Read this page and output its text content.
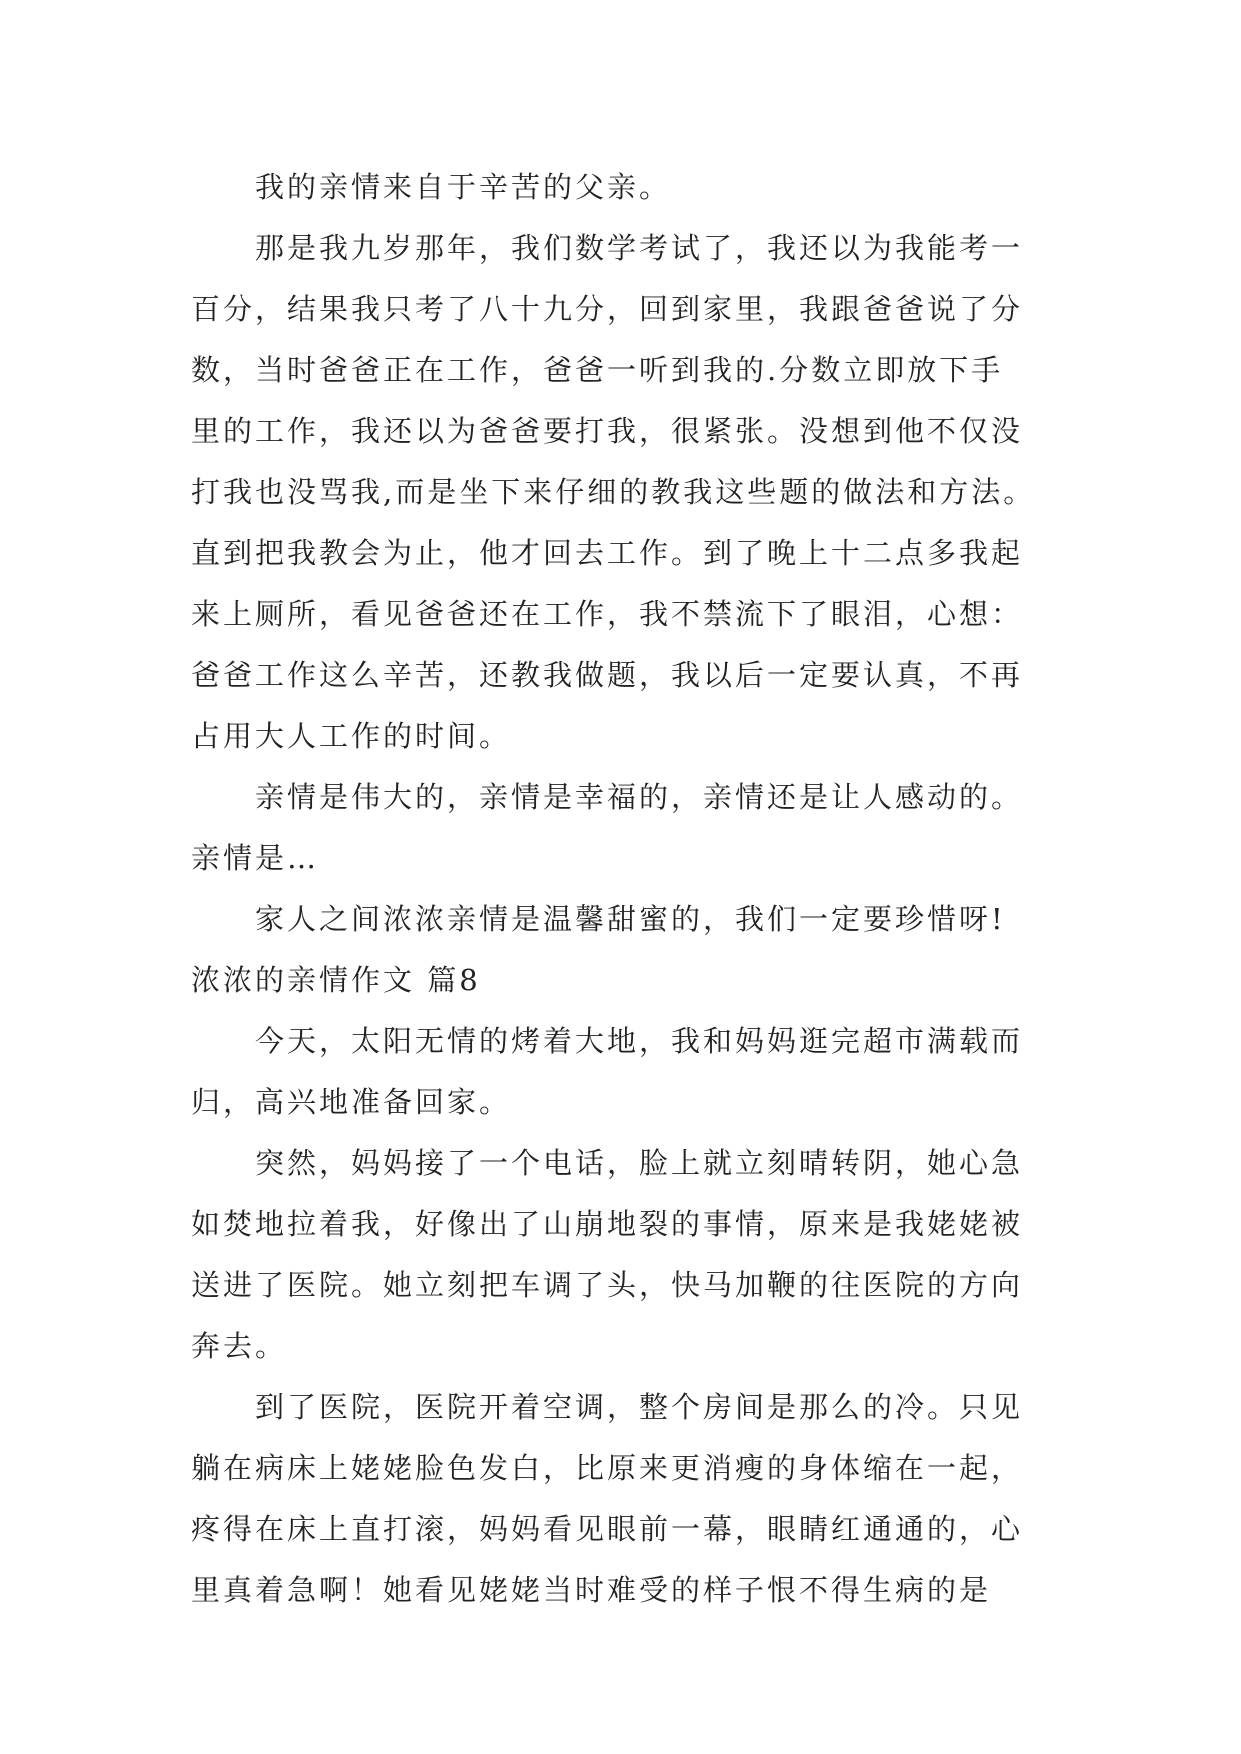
我的亲情来自于辛苦的父亲。
那是我九岁那年，我们数学考试了，我还以为我能考一
百分，结果我只考了八十九分，回到家里，我跟爸爸说了分
数，当时爸爸正在工作，爸爸一听到我的.分数立即放下手
里的工作，我还以为爸爸要打我，很紧张。没想到他不仅没
打我也没骂我,而是坐下来仔细的教我这些题的做法和方法。
直到把我教会为止，他才回去工作。到了晚上十二点多我起
来上厕所，看见爸爸还在工作，我不禁流下了眼泪，心想：
爸爸工作这么辛苦，还教我做题，我以后一定要认真，不再
占用大人工作的时间。
亲情是伟大的，亲情是幸福的，亲情还是让人感动的。
亲情是…
家人之间浓浓亲情是温馨甜蜜的，我们一定要珍惜呀!
浓浓的亲情作文 篇8
今天，太阳无情的烤着大地，我和妈妈逛完超市满载而
归，高兴地准备回家。
突然，妈妈接了一个电话，脸上就立刻晴转阴，她心急
如焚地拉着我，好像出了山崩地裂的事情，原来是我姥姥被
送进了医院。她立刻把车调了头，快马加鞭的往医院的方向
奔去。
到了医院，医院开着空调，整个房间是那么的冷。只见
躺在病床上姥姥脸色发白，比原来更消瘦的身体缩在一起，
疼得在床上直打滚，妈妈看见眼前一幕，眼睛红通通的，心
里真着急啊！她看见姥姥当时难受的样子恨不得生病的是
